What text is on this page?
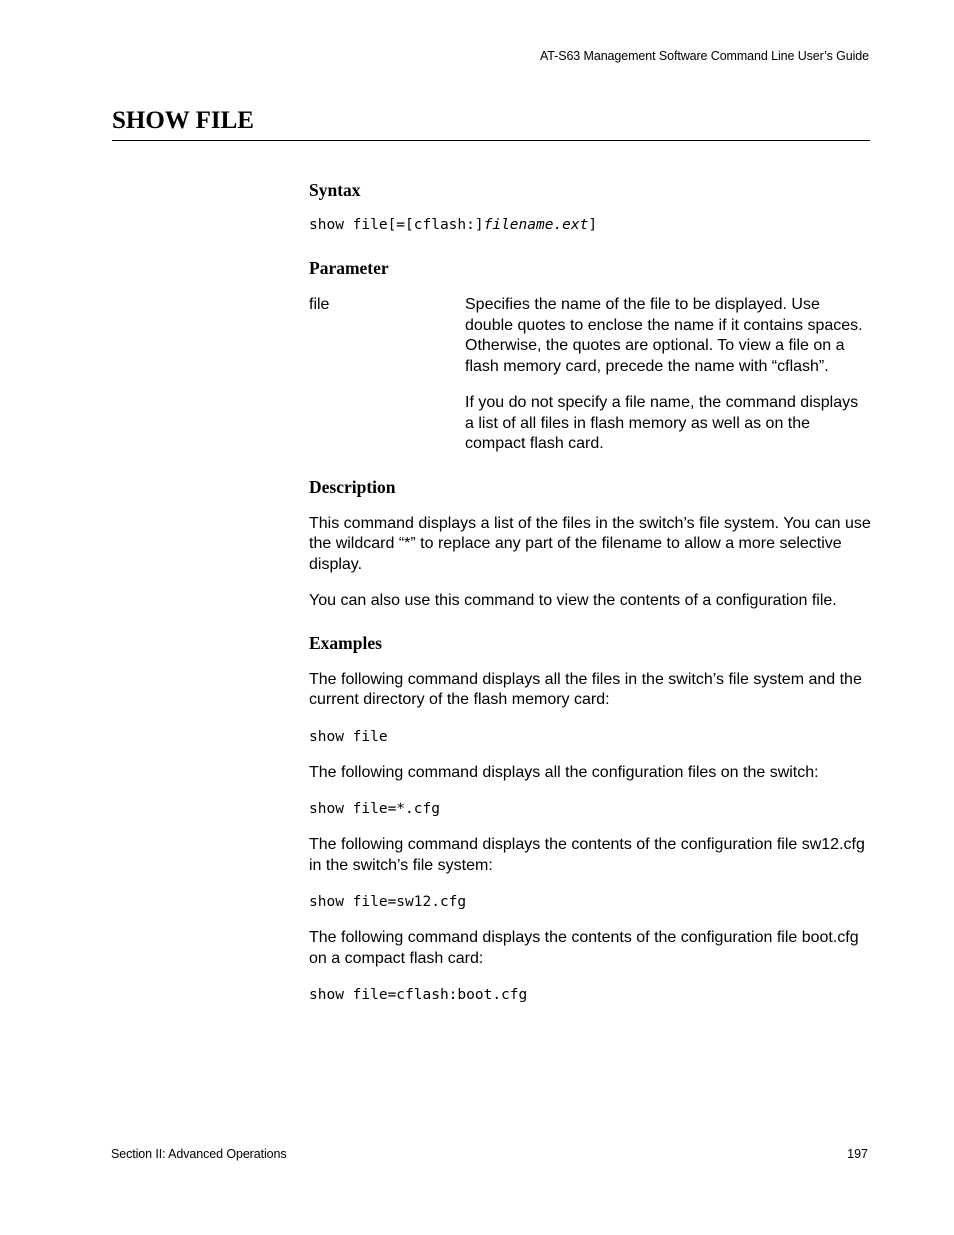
AT-S63 Management Software Command Line User’s Guide
SHOW FILE
Syntax
show file[=[cflash:]filename.ext]
Parameter
file	Specifies the name of the file to be displayed. Use double quotes to enclose the name if it contains spaces. Otherwise, the quotes are optional. To view a file on a flash memory card, precede the name with “cflash”.

If you do not specify a file name, the command displays a list of all files in flash memory as well as on the compact flash card.

Description

This command displays a list of the files in the switch’s file system. You can use the wildcard “*” to replace any part of the filename to allow a more selective display.

You can also use this command to view the contents of a configuration file.

Examples

The following command displays all the files in the switch’s file system and the current directory of the flash memory card:

show file

The following command displays all the configuration files on the switch:

show file=*.cfg

The following command displays the contents of the configuration file sw12.cfg in the switch’s file system:

show file=sw12.cfg

The following command displays the contents of the configuration file boot.cfg on a compact flash card:

show file=cflash:boot.cfg
Section II: Advanced Operations	197
